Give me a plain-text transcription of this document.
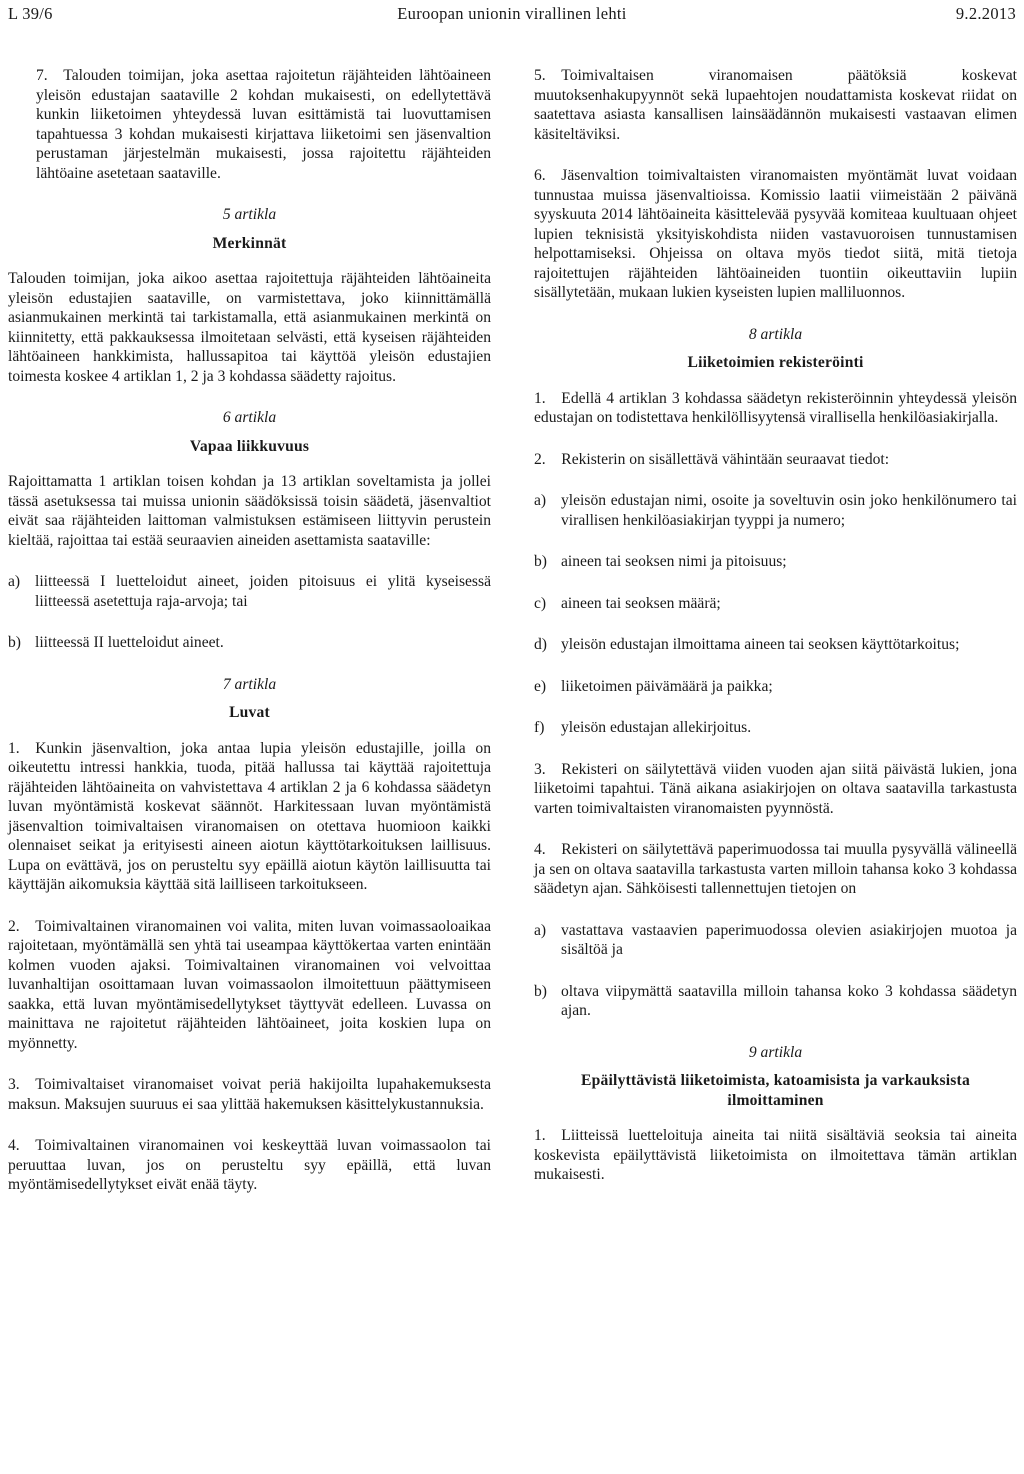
L 39/6	Euroopan unionin virallinen lehti	9.2.2013

7. Talouden toimijan, joka asettaa rajoitetun räjähteiden lähtöaineen yleisön edustajan saataville 2 kohdan mukaisesti, on edellytettävä kunkin liiketoimen yhteydessä luvan esittämistä tai luovuttamisen tapahtuessa 3 kohdan mukaisesti kirjattava liiketoimi sen jäsenvaltion perustaman järjestelmän mukaisesti, jossa rajoitettu räjähteiden lähtöaine asetetaan saataville.

5 artikla
Merkinnät

Talouden toimijan, joka aikoo asettaa rajoitettuja räjähteiden lähtöaineita yleisön edustajien saataville, on varmistettava, joko kiinnittämällä asianmukainen merkintä tai tarkistamalla, että asianmukainen merkintä on kiinnitetty, että pakkauksessa ilmoitetaan selvästi, että kyseisen räjähteiden lähtöaineen hankkimista, hallussapitoa tai käyttöä yleisön edustajien toimesta koskee 4 artiklan 1, 2 ja 3 kohdassa säädetty rajoitus.

6 artikla
Vapaa liikkuvuus

Rajoittamatta 1 artiklan toisen kohdan ja 13 artiklan soveltamista ja jollei tässä asetuksessa tai muissa unionin säädöksissä toisin säädetä, jäsenvaltiot eivät saa räjähteiden laittoman valmistuksen estämiseen liittyvin perustein kieltää, rajoittaa tai estää seuraavien aineiden asettamista saataville:

a) liitteessä I luetteloidut aineet, joiden pitoisuus ei ylitä kyseisessä liitteessä asetettuja raja-arvoja; tai
b) liitteessä II luetteloidut aineet.
7 artikla
Luvat

1. Kunkin jäsenvaltion, joka antaa lupia yleisön edustajille, joilla on oikeutettu intressi hankkia, tuoda, pitää hallussa tai käyttää rajoitettuja räjähteiden lähtöaineita on vahvistettava 4 artiklan 2 ja 6 kohdassa säädetyn luvan myöntämistä koskevat säännöt. Harkitessaan luvan myöntämistä jäsenvaltion toimivaltaisen viranomaisen on otettava huomioon kaikki olennaiset seikat ja erityisesti aineen aiotun käyttötarkoituksen laillisuus. Lupa on evättävä, jos on perusteltu syy epäillä aiotun käytön laillisuutta tai käyttäjän aikomuksia käyttää sitä lailliseen tarkoitukseen.

2. Toimivaltainen viranomainen voi valita, miten luvan voimassaoloaikaa rajoitetaan, myöntämällä sen yhtä tai useampaa käyttökertaa varten enintään kolmen vuoden ajaksi. Toimivaltainen viranomainen voi velvoittaa luvanhaltijan osoittamaan luvan voimassaolon ilmoitettuun päättymiseen saakka, että luvan myöntämisedellytykset täyttyvät edelleen. Luvassa on mainittava ne rajoitetut räjähteiden lähtöaineet, joita koskien lupa on myönnetty.

3. Toimivaltaiset viranomaiset voivat periä hakijoilta lupahakemuksesta maksun. Maksujen suuruus ei saa ylittää hakemuksen käsittelykustannuksia.

4. Toimivaltainen viranomainen voi keskeyttää luvan voimassaolon tai peruuttaa luvan, jos on perusteltu syy epäillä, että luvan myöntämisedellytykset eivät enää täyty.

5. Toimivaltaisen viranomaisen päätöksiä koskevat muutoksenhakupyynnöt sekä lupaehtojen noudattamista koskevat riidat on saatettava asiasta kansallisen lainsäädännön mukaisesti vastaavan elimen käsiteltäviksi.

6. Jäsenvaltion toimivaltaisten viranomaisten myöntämät luvat voidaan tunnustaa muissa jäsenvaltioissa. Komissio laatii viimeistään 2 päivänä syyskuuta 2014 lähtöaineita käsittelevää pysyvää komiteaa kuultuaan ohjeet lupien teknisistä yksityiskohdista niiden vastavuoroisen tunnustamisen helpottamiseksi. Ohjeissa on oltava myös tiedot siitä, mitä tietoja rajoitettujen räjähteiden lähtöaineiden tuontiin oikeuttaviin lupiin sisällytetään, mukaan lukien kyseisten lupien malliluonnos.

8 artikla
Liiketoimien rekisteröinti

1. Edellä 4 artiklan 3 kohdassa säädetyn rekisteröinnin yhteydessä yleisön edustajan on todistettava henkilöllisyytensä virallisella henkilöasiakirjalla.

2. Rekisterin on sisällettävä vähintään seuraavat tiedot:

a) yleisön edustajan nimi, osoite ja soveltuvin osin joko henkilönumero tai virallisen henkilöasiakirjan tyyppi ja numero;
b) aineen tai seoksen nimi ja pitoisuus;
c) aineen tai seoksen määrä;
d) yleisön edustajan ilmoittama aineen tai seoksen käyttötarkoitus;
e) liiketoimen päivämäärä ja paikka;
f) yleisön edustajan allekirjoitus.

3. Rekisteri on säilytettävä viiden vuoden ajan siitä päivästä lukien, jona liiketoimi tapahtui. Tänä aikana asiakirjojen on oltava saatavilla tarkastusta varten toimivaltaisten viranomaisten pyynnöstä.

4. Rekisteri on säilytettävä paperimuodossa tai muulla pysyvällä välineellä ja sen on oltava saatavilla tarkastusta varten milloin tahansa koko 3 kohdassa säädetyn ajan. Sähköisesti tallennettujen tietojen on

a) vastattava vastaavien paperimuodossa olevien asiakirjojen muotoa ja sisältöä ja
b) oltava viipymättä saatavilla milloin tahansa koko 3 kohdassa säädetyn ajan.
9 artikla
Epäilyttävistä liiketoimista, katoamisista ja varkauksista ilmoittaminen

1. Liitteissä luetteloituja aineita tai niitä sisältäviä seoksia tai aineita koskevista epäilyttävistä liiketoimista on ilmoitettava tämän artiklan mukaisesti.
